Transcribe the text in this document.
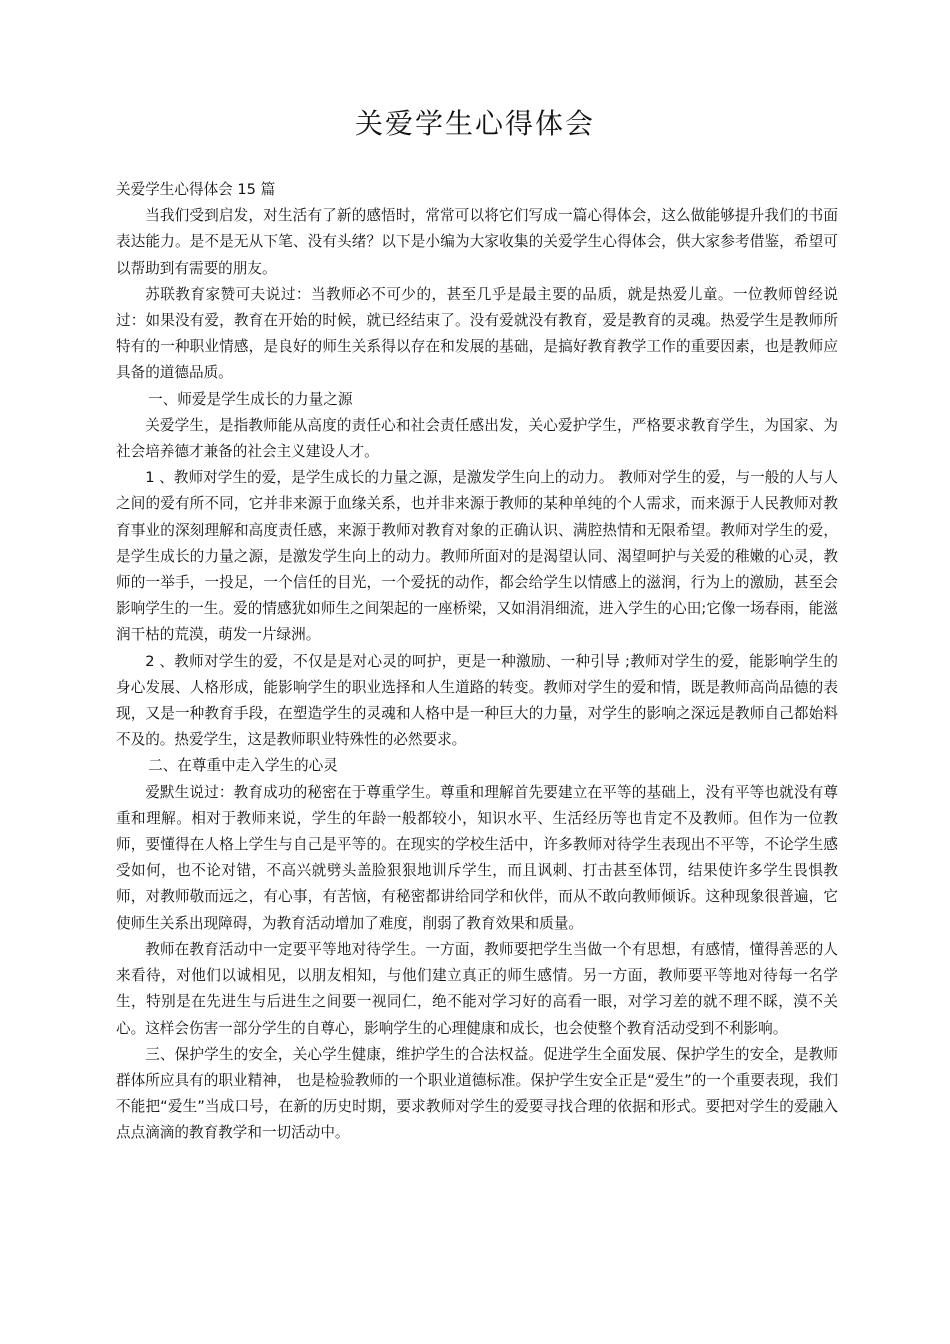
关爱学生心得体会

关爱学生心得体会 15 篇

当我们受到启发，对生活有了新的感悟时，常常可以将它们写成一篇心得体会，这么做能够提升我们的书面表达能力。是不是无从下笔、没有头绪？以下是小编为大家收集的关爱学生心得体会，供大家参考借鉴，希望可以帮助到有需要的朋友。

苏联教育家赞可夫说过：当教师必不可少的，甚至几乎是最主要的品质，就是热爱儿童。一位教师曾经说过：如果没有爱，教育在开始的时候，就已经结束了。没有爱就没有教育，爱是教育的灵魂。热爱学生是教师所特有的一种职业情感，是良好的师生关系得以存在和发展的基础，是搞好教育教学工作的重要因素，也是教师应具备的道德品质。

一、师爱是学生成长的力量之源

关爱学生，是指教师能从高度的责任心和社会责任感出发，关心爱护学生，严格要求教育学生，为国家、为社会培养德才兼备的社会主义建设人才。

1 、教师对学生的爱，是学生成长的力量之源，是激发学生向上的动力。 教师对学生的爱，与一般的人与人之间的爱有所不同，它并非来源于血缘关系，也并非来源于教师的某种单纯的个人需求，而来源于人民教师对教育事业的深刻理解和高度责任感，来源于教师对教育对象的正确认识、满腔热情和无限希望。教师对学生的爱，是学生成长的力量之源，是激发学生向上的动力。教师所面对的是渴望认同、渴望呵护与关爱的稚嫩的心灵，教师的一举手，一投足，一个信任的目光，一个爱抚的动作，都会给学生以情感上的滋润，行为上的激励，甚至会影响学生的一生。爱的情感犹如师生之间架起的一座桥梁，又如涓涓细流，进入学生的心田;它像一场春雨，能滋润干枯的荒漠，萌发一片绿洲。

2 、教师对学生的爱，不仅是是对心灵的呵护，更是一种激励、一种引导 ;教师对学生的爱，能影响学生的身心发展、人格形成，能影响学生的职业选择和人生道路的转变。教师对学生的爱和情，既是教师高尚品德的表现，又是一种教育手段，在塑造学生的灵魂和人格中是一种巨大的力量，对学生的影响之深远是教师自己都始料不及的。热爱学生，这是教师职业特殊性的必然要求。

二、在尊重中走入学生的心灵

爱默生说过：教育成功的秘密在于尊重学生。尊重和理解首先要建立在平等的基础上，没有平等也就没有尊重和理解。相对于教师来说，学生的年龄一般都较小，知识水平、生活经历等也肯定不及教师。但作为一位教师，要懂得在人格上学生与自己是平等的。在现实的学校生活中，许多教师对待学生表现出不平等，不论学生感受如何，也不论对错，不高兴就劈头盖脸狠狠地训斥学生，而且讽刺、打击甚至体罚，结果使许多学生畏惧教师，对教师敬而远之，有心事，有苦恼，有秘密都讲给同学和伙伴，而从不敢向教师倾诉。这种现象很普遍，它使师生关系出现障碍，为教育活动增加了难度，削弱了教育效果和质量。

教师在教育活动中一定要平等地对待学生。一方面，教师要把学生当做一个有思想，有感情，懂得善恶的人来看待，对他们以诚相见，以朋友相知，与他们建立真正的师生感情。另一方面，教师要平等地对待每一名学生，特别是在先进生与后进生之间要一视同仁，绝不能对学习好的高看一眼，对学习差的就不理不睬，漠不关心。这样会伤害一部分学生的自尊心，影响学生的心理健康和成长，也会使整个教育活动受到不利影响。

三、保护学生的安全，关心学生健康，维护学生的合法权益。促进学生全面发展、保护学生的安全，是教师群体所应具有的职业精神， 也是检验教师的一个职业道德标准。保护学生安全正是“爱生”的一个重要表现，我们不能把“爱生”当成口号，在新的历史时期，要求教师对学生的爱要寻找合理的依据和形式。要把对学生的爱融入点点滴滴的教育教学和一切活动中。
